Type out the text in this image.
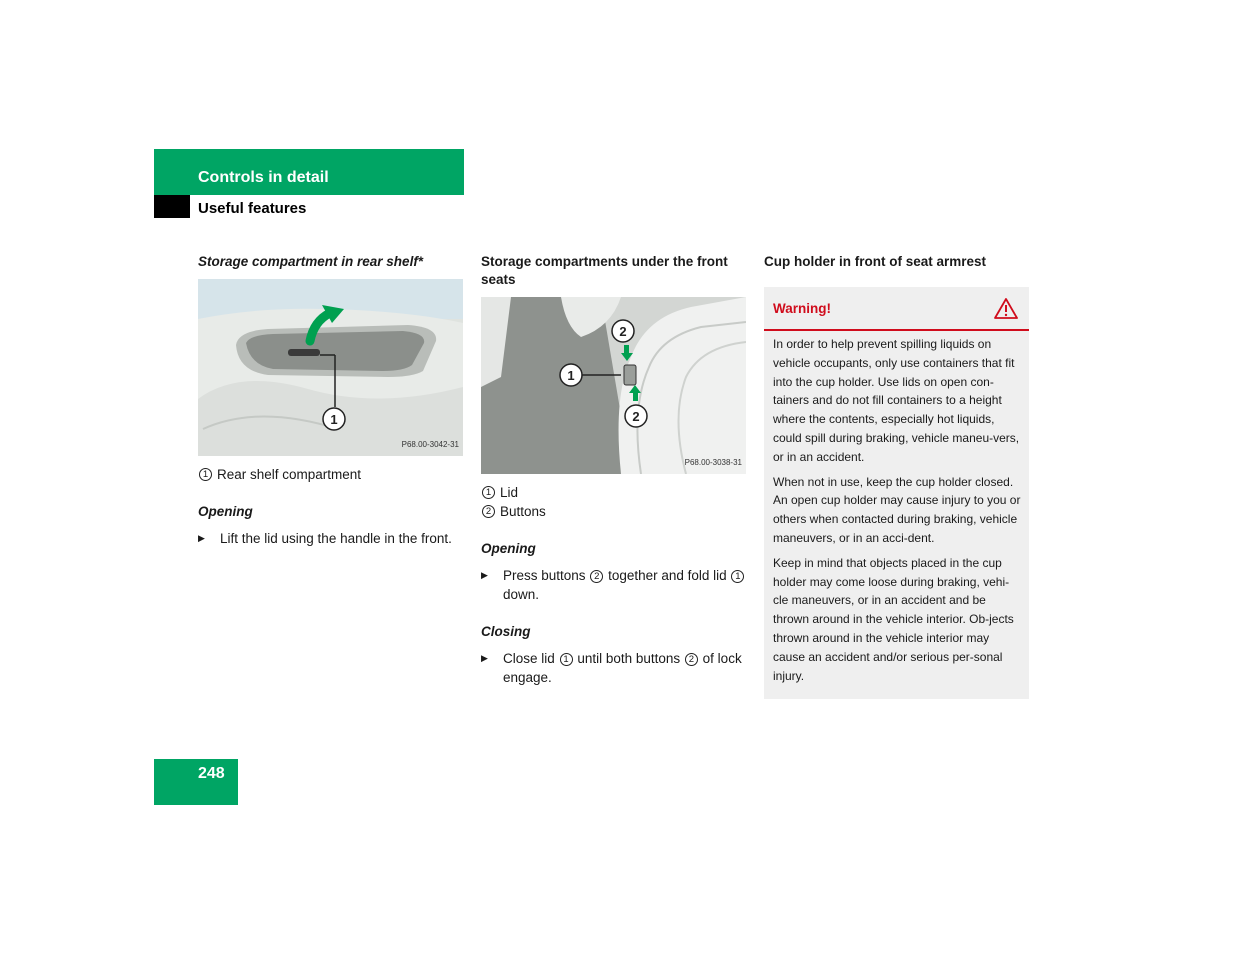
Controls in detail
Useful features

Storage compartment in rear shelf*

1
P68.00-3042-31
1 Rear shelf compartment
Opening
▶	Lift the lid using the handle in the front.

Storage compartments under the front seats

1
2
2
P68.00-3038-31
1 Lid
2 Buttons
Opening
▶	Press buttons 2 together and fold lid 1 down.
Closing
▶	Close lid 1 until both buttons 2 of lock engage.

Cup holder in front of seat armrest

Warning!

In order to help prevent spilling liquids on vehicle occupants, only use containers that fit into the cup holder. Use lids on open con-tainers and do not fill containers to a height where the contents, especially hot liquids, could spill during braking, vehicle maneu-vers, or in an accident.

When not in use, keep the cup holder closed. An open cup holder may cause injury to you or others when contacted during braking, vehicle maneuvers, or in an acci-dent.

Keep in mind that objects placed in the cup holder may come loose during braking, vehi-cle maneuvers, or in an accident and be thrown around in the vehicle interior. Ob-jects thrown around in the vehicle interior may cause an accident and/or serious per-sonal injury.

248
